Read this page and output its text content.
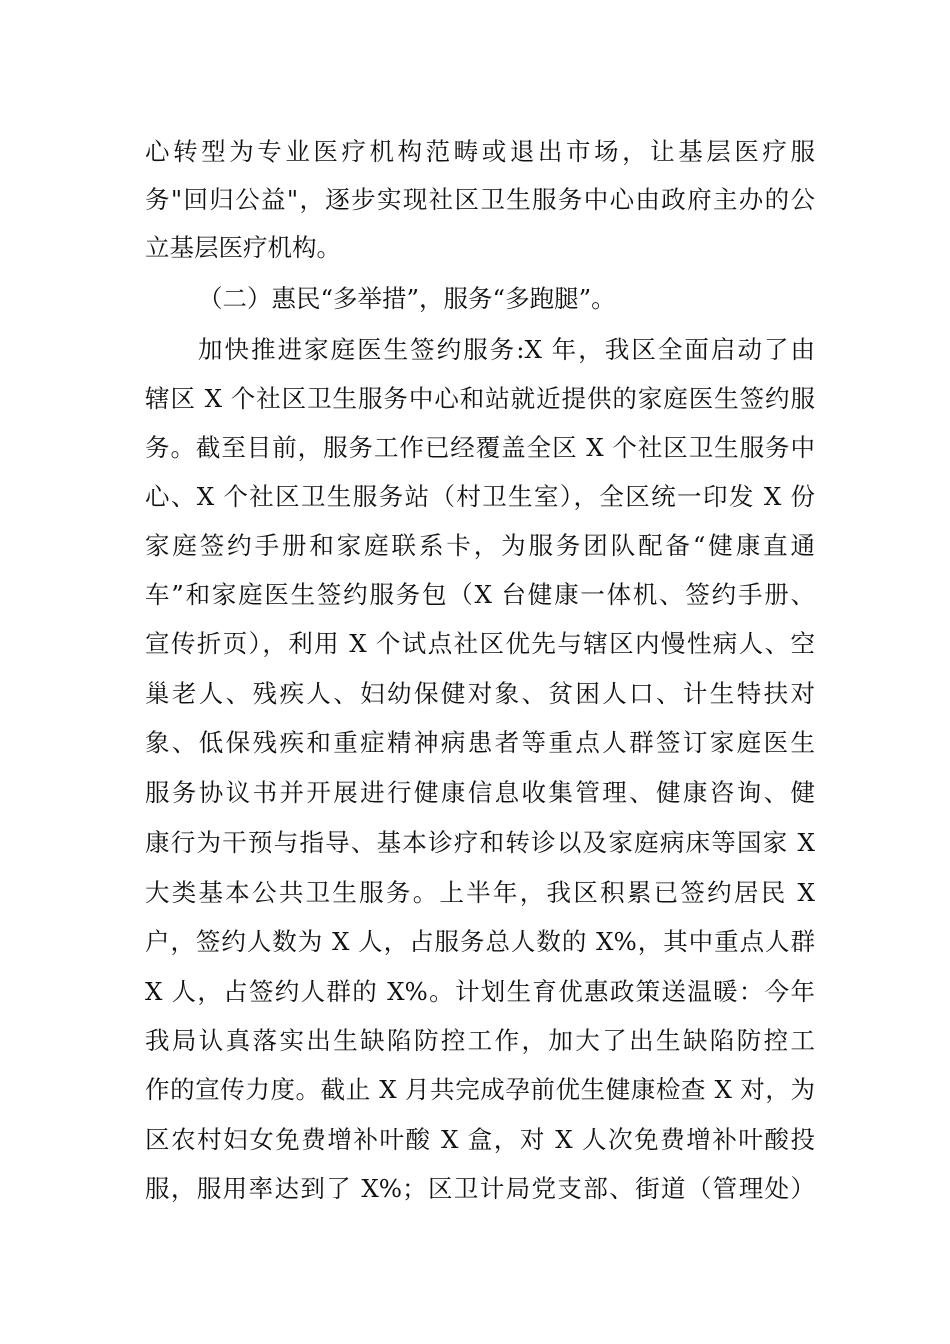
心转型为专业医疗机构范畴或退出市场，让基层医疗服
务"回归公益"，逐步实现社区卫生服务中心由政府主办的公
立基层医疗机构。
（二）惠民“多举措”，服务“多跑腿”。
加快推进家庭医生签约服务:X 年，我区全面启动了由
辖区 X 个社区卫生服务中心和站就近提供的家庭医生签约服
务。截至目前，服务工作已经覆盖全区 X 个社区卫生服务中
心、X 个社区卫生服务站（村卫生室），全区统一印发 X 份
家庭签约手册和家庭联系卡，为服务团队配备“健康直通
车”和家庭医生签约服务包（X 台健康一体机、签约手册、
宣传折页），利用 X 个试点社区优先与辖区内慢性病人、空
巢老人、残疾人、妇幼保健对象、贫困人口、计生特扶对
象、低保残疾和重症精神病患者等重点人群签订家庭医生
服务协议书并开展进行健康信息收集管理、健康咨询、健
康行为干预与指导、基本诊疗和转诊以及家庭病床等国家 X
大类基本公共卫生服务。上半年，我区积累已签约居民 X
户，签约人数为 X 人，占服务总人数的 X%，其中重点人群
X 人，占签约人群的 X%。计划生育优惠政策送温暖：今年
我局认真落实出生缺陷防控工作，加大了出生缺陷防控工
作的宣传力度。截止 X 月共完成孕前优生健康检查 X 对，为
区农村妇女免费增补叶酸 X 盒，对 X 人次免费增补叶酸投
服，服用率达到了 X%；区卫计局党支部、街道（管理处）
